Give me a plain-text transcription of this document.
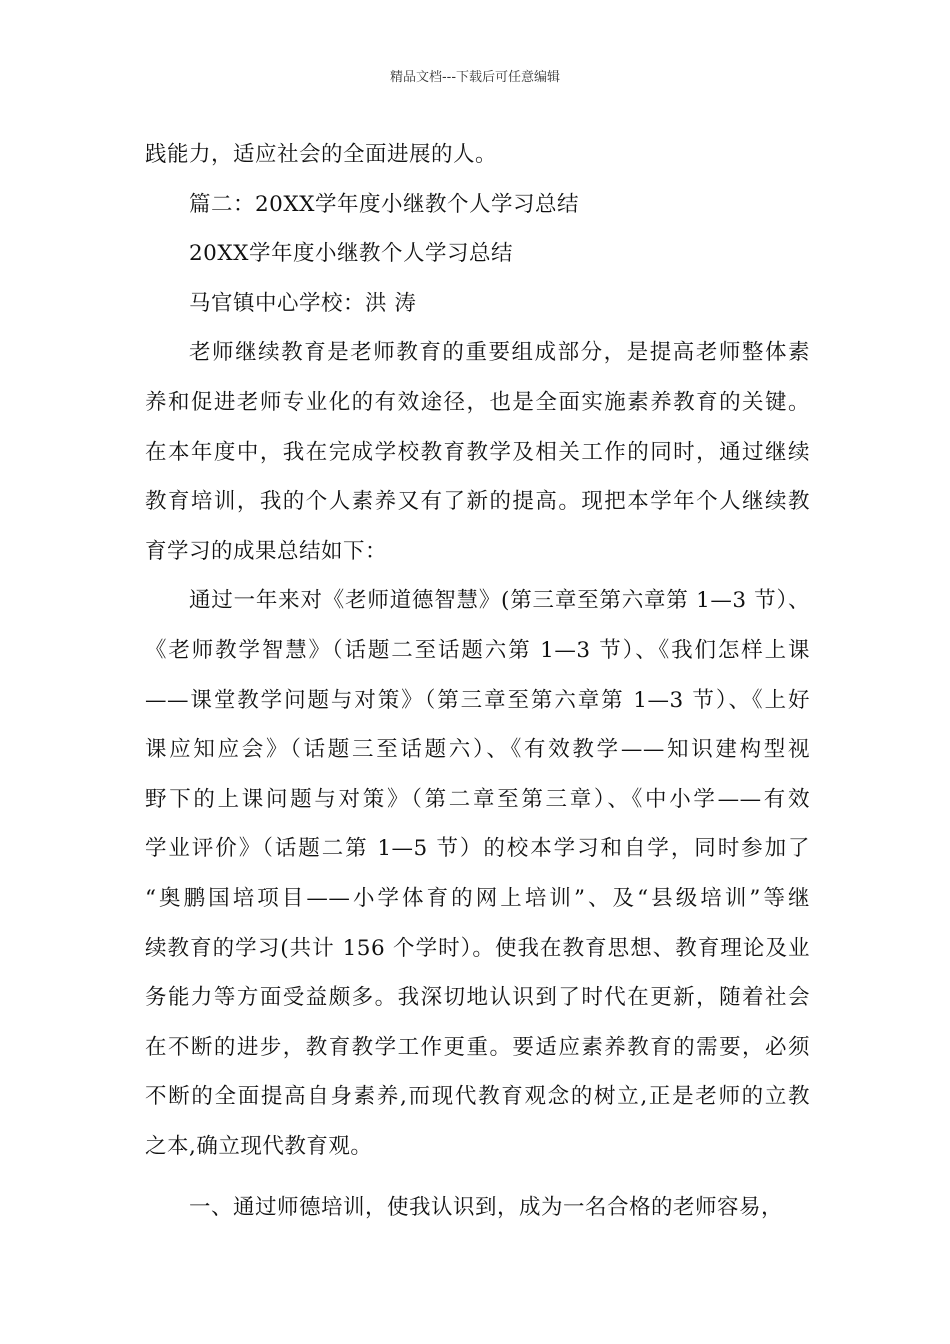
精品文档---下载后可任意编辑
践能力，适应社会的全面进展的人。
篇二：20XX学年度小继教个人学习总结
20XX学年度小继教个人学习总结
马官镇中心学校：洪 涛
老师继续教育是老师教育的重要组成部分，是提高老师整体素
养和促进老师专业化的有效途径，也是全面实施素养教育的关键。
在本年度中，我在完成学校教育教学及相关工作的同时，通过继续
教育培训，我的个人素养又有了新的提高。现把本学年个人继续教
育学习的成果总结如下：
通过一年来对《老师道德智慧》(第三章至第六章第 1—3 节）、
《老师教学智慧》（话题二至话题六第 1—3 节）、《我们怎样上课
——课堂教学问题与对策》（第三章至第六章第 1—3 节）、《上好
课应知应会》（话题三至话题六）、《有效教学——知识建构型视
野下的上课问题与对策》（第二章至第三章）、《中小学——有效
学业评价》（话题二第 1—5 节）的校本学习和自学，同时参加了
“奥鹏国培项目——小学体育的网上培训”、及“县级培训”等继
续教育的学习(共计 156 个学时）。使我在教育思想、教育理论及业
务能力等方面受益颇多。我深切地认识到了时代在更新，随着社会
在不断的进步，教育教学工作更重。要适应素养教育的需要，必须
不断的全面提高自身素养,而现代教育观念的树立,正是老师的立教
之本,确立现代教育观。
一、通过师德培训，使我认识到，成为一名合格的老师容易，
